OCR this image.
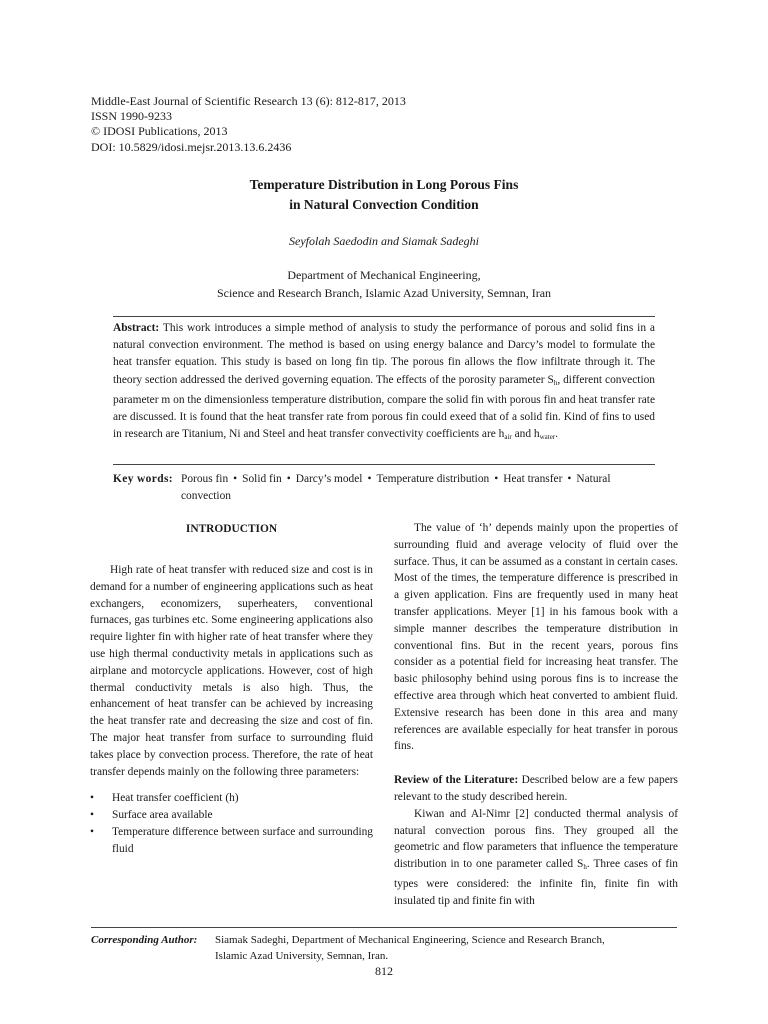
Middle-East Journal of Scientific Research 13 (6): 812-817, 2013
ISSN 1990-9233
© IDOSI Publications, 2013
DOI: 10.5829/idosi.mejsr.2013.13.6.2436
Temperature Distribution in Long Porous Fins
in Natural Convection Condition
Seyfolah Saedodin and Siamak Sadeghi
Department of Mechanical Engineering,
Science and Research Branch, Islamic Azad University, Semnan, Iran
Abstract: This work introduces a simple method of analysis to study the performance of porous and solid fins in a natural convection environment. The method is based on using energy balance and Darcy’s model to formulate the heat transfer equation. This study is based on long fin tip. The porous fin allows the flow infiltrate through it. The theory section addressed the derived governing equation. The effects of the porosity parameter $S_h$, different convection parameter m on the dimensionless temperature distribution, compare the solid fin with porous fin and heat transfer rate are discussed. It is found that the heat transfer rate from porous fin could exeed that of a solid fin. Kind of fins to used in research are Titanium, Ni and Steel and heat transfer convectivity coefficients are $h_{air}$ and $h_{water}$.
Key words: Porous fin • Solid fin • Darcy’s model • Temperature distribution • Heat transfer • Natural convection
INTRODUCTION

High rate of heat transfer with reduced size and cost is in demand for a number of engineering applications such as heat exchangers, economizers, superheaters, conventional furnaces, gas turbines etc. Some engineering applications also require lighter fin with higher rate of heat transfer where they use high thermal conductivity metals in applications such as airplane and motorcycle applications. However, cost of high thermal conductivity metals is also high. Thus, the enhancement of heat transfer can be achieved by increasing the heat transfer rate and decreasing the size and cost of fin. The major heat transfer from surface to surrounding fluid takes place by convection process. Therefore, the rate of heat transfer depends mainly on the following three parameters:

• Heat transfer coefficient (h)
• Surface area available
• Temperature difference between surface and surrounding fluid

The value of ‘h’ depends mainly upon the properties of surrounding fluid and average velocity of fluid over the surface. Thus, it can be assumed as a constant in certain cases. Most of the times, the temperature difference is prescribed in a given application. Fins are frequently used in many heat transfer applications. Meyer [1] in his famous book with a simple manner describes the temperature distribution in conventional fins. But in the recent years, porous fins consider as a potential field for increasing heat transfer. The basic philosophy behind using porous fins is to increase the effective area through which heat converted to ambient fluid. Extensive research has been done in this area and many references are available especially for heat transfer in porous fins.

Review of the Literature: Described below are a few papers relevant to the study described herein.

Kiwan and Al-Nimr [2] conducted thermal analysis of natural convection porous fins. They grouped all the geometric and flow parameters that influence the temperature distribution in to one parameter called $S_h$. Three cases of fin types were considered: the infinite fin, finite fin with insulated tip and finite fin with

Corresponding Author: Siamak Sadeghi, Department of Mechanical Engineering, Science and Research Branch,
Islamic Azad University, Semnan, Iran.
812
